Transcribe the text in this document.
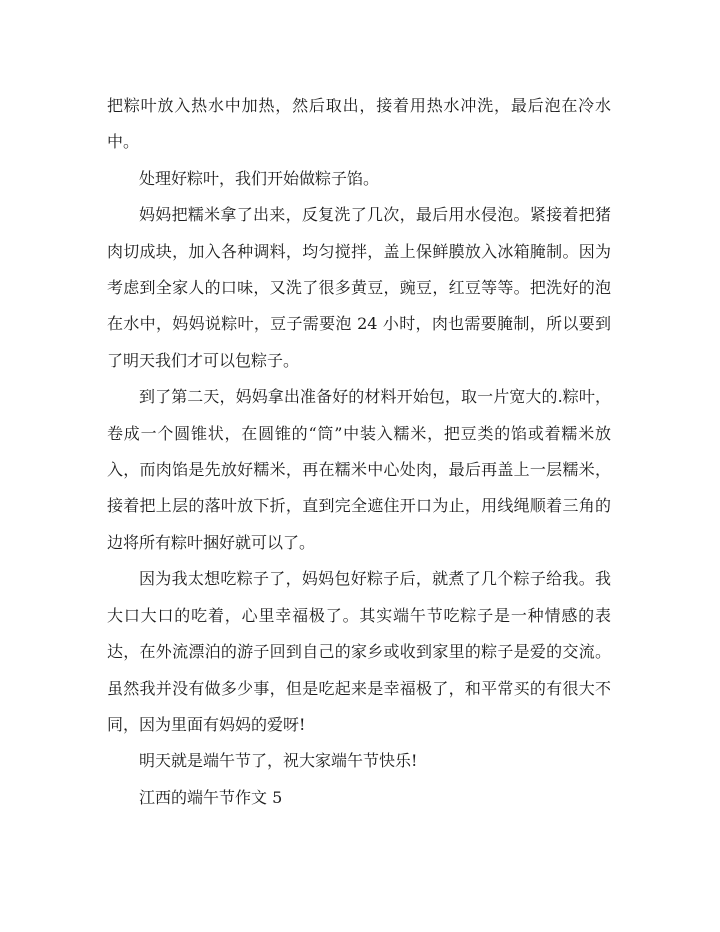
把粽叶放入热水中加热，然后取出，接着用热水冲洗，最后泡在冷水中。

处理好粽叶，我们开始做粽子馅。

妈妈把糯米拿了出来，反复洗了几次，最后用水侵泡。紧接着把猪肉切成块，加入各种调料，均匀搅拌，盖上保鲜膜放入冰箱腌制。因为考虑到全家人的口味，又洗了很多黄豆，豌豆，红豆等等。把洗好的泡在水中，妈妈说粽叶，豆子需要泡 24 小时，肉也需要腌制，所以要到了明天我们才可以包粽子。

到了第二天，妈妈拿出准备好的材料开始包，取一片宽大的.粽叶，卷成一个圆锥状，在圆锥的“筒”中装入糯米，把豆类的馅或着糯米放入，而肉馅是先放好糯米，再在糯米中心处肉，最后再盖上一层糯米，接着把上层的落叶放下折，直到完全遮住开口为止，用线绳顺着三角的边将所有粽叶捆好就可以了。

因为我太想吃粽子了，妈妈包好粽子后，就煮了几个粽子给我。我大口大口的吃着，心里幸福极了。其实端午节吃粽子是一种情感的表达，在外流漂泊的游子回到自己的家乡或收到家里的粽子是爱的交流。虽然我并没有做多少事，但是吃起来是幸福极了，和平常买的有很大不同，因为里面有妈妈的爱呀!

明天就是端午节了，祝大家端午节快乐!

江西的端午节作文 5
